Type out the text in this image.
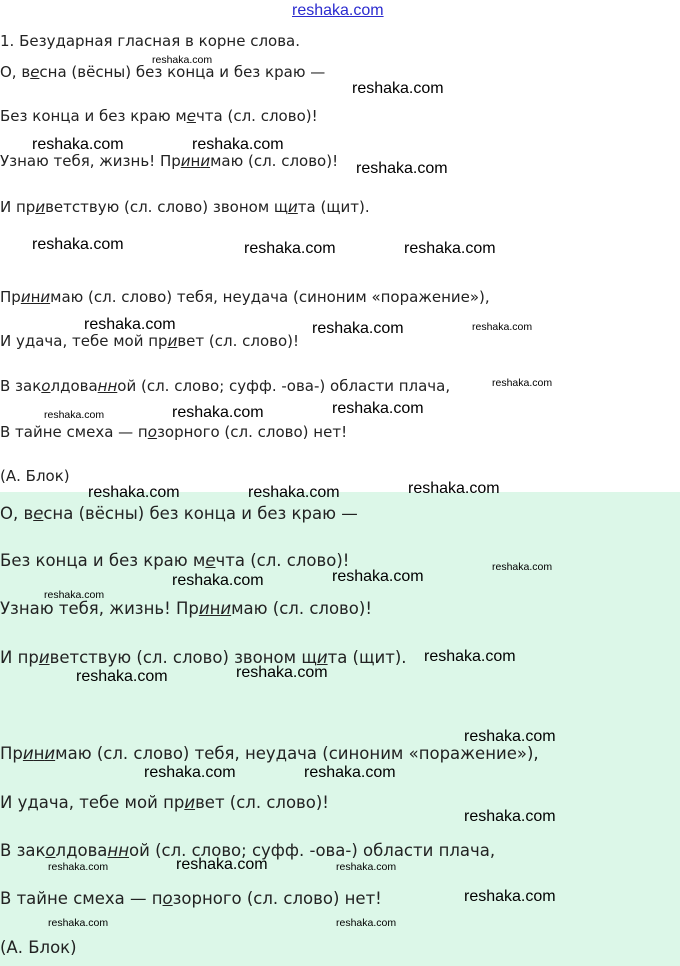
reshaka.com
1. Безударная гласная в корне слова.
О, весна (вёсны) без конца и без краю —
Без конца и без краю мечта (сл. слово)!
Узнаю тебя, жизнь! Принимаю (сл. слово)!
И приветствую (сл. слово) звоном щита (щит).
Принимаю (сл. слово) тебя, неудача (синоним «поражение»),
И удача, тебе мой привет (сл. слово)!
В заколдованной (сл. слово; суфф. -ова-) области плача,
В тайне смеха — позорного (сл. слово) нет!
(А. Блок)
О, весна (вёсны) без конца и без краю —
Без конца и без краю мечта (сл. слово)!
Узнаю тебя, жизнь! Принимаю (сл. слово)!
И приветствую (сл. слово) звоном щита (щит).
Принимаю (сл. слово) тебя, неудача (синоним «поражение»),
И удача, тебе мой привет (сл. слово)!
В заколдованной (сл. слово; суфф. -ова-) области плача,
В тайне смеха — позорного (сл. слово) нет!
(А. Блок)
reshaka.com
reshaka.com
reshaka.com	reshaka.com
reshaka.com
reshaka.com	reshaka.com	reshaka.com
reshaka.com	reshaka.com	reshaka.com
reshaka.com
reshaka.com	reshaka.com	reshaka.com
reshaka.com	reshaka.com	reshaka.com
reshaka.com
reshaka.com
reshaka.com	reshaka.com
reshaka.com
reshaka.com	reshaka.com
reshaka.com
reshaka.com	reshaka.com
reshaka.com
reshaka.com	reshaka.com	reshaka.com
reshaka.com
reshaka.com	reshaka.com
